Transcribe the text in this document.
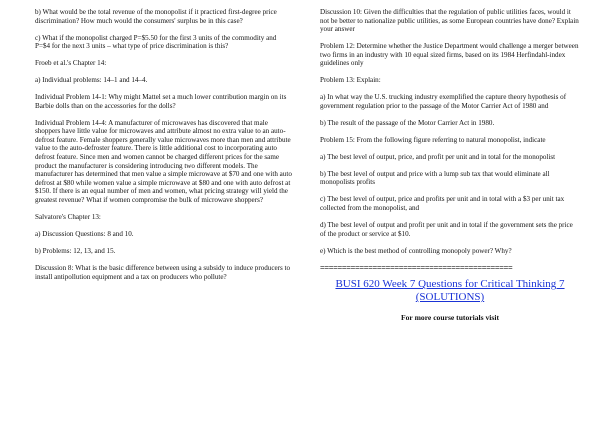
b) What would be the total revenue of the monopolist if it practiced first-degree price discrimination? How much would the consumers' surplus be in this case?

c) What if the monopolist charged P=$5.50 for the first 3 units of the commodity and P=$4 for the next 3 units – what type of price discrimination is this?

Froeb et al.'s Chapter 14:

a) Individual problems: 14–1 and 14–4.

Individual Problem 14-1: Why might Mattel set a much lower contribution margin on its Barbie dolls than on the accessories for the dolls?

Individual Problem 14-4: A manufacturer of microwaves has discovered that male shoppers have little value for microwaves and attribute almost no extra value to an auto-defrost feature. Female shoppers generally value microwaves more than men and attribute value to the auto-defroster feature. There is little additional cost to incorporating auto defrost feature. Since men and women cannot be charged different prices for the same product the manufacturer is considering introducing two different models. The manufacturer has determined that men value a simple microwave at $70 and one with auto defrost at $80 while women value a simple microwave at $80 and one with auto defrost at $150. If there is an equal number of men and women, what pricing strategy will yield the greatest revenue? What if women compromise the bulk of microwave shoppers?

Salvatore's Chapter 13:

a) Discussion Questions: 8 and 10.

b) Problems: 12, 13, and 15.

Discussion 8: What is the basic difference between using a subsidy to induce producers to install antipollution equipment and a tax on producers who pollute?

Discussion 10: Given the difficulties that the regulation of public utilities faces, would it not be better to nationalize public utilities, as some European countries have done? Explain your answer

Problem 12: Determine whether the Justice Department would challenge a merger between two firms in an industry with 10 equal sized firms, based on its 1984 Herfindahl-index guidelines only

Problem 13: Explain:

a) In what way the U.S. trucking industry exemplified the capture theory hypothesis of government regulation prior to the passage of the Motor Carrier Act of 1980 and

b) The result of the passage of the Motor Carrier Act in 1980.

Problem 15: From the following figure referring to natural monopolist, indicate

a) The best level of output, price, and profit per unit and in total for the monopolist

b) The best level of output and price with a lump sub tax that would eliminate all monopolists profits

c) The best level of output, price and profits per unit and in total with a $3 per unit tax collected from the monopolist, and

d) The best level of output and profit per unit and in total if the government sets the price of the product or service at $10.

e) Which is the best method of controlling monopoly power? Why?

============================================
BUSI 620 Week 7 Questions for Critical Thinking 7 (SOLUTIONS)

For more course tutorials visit
